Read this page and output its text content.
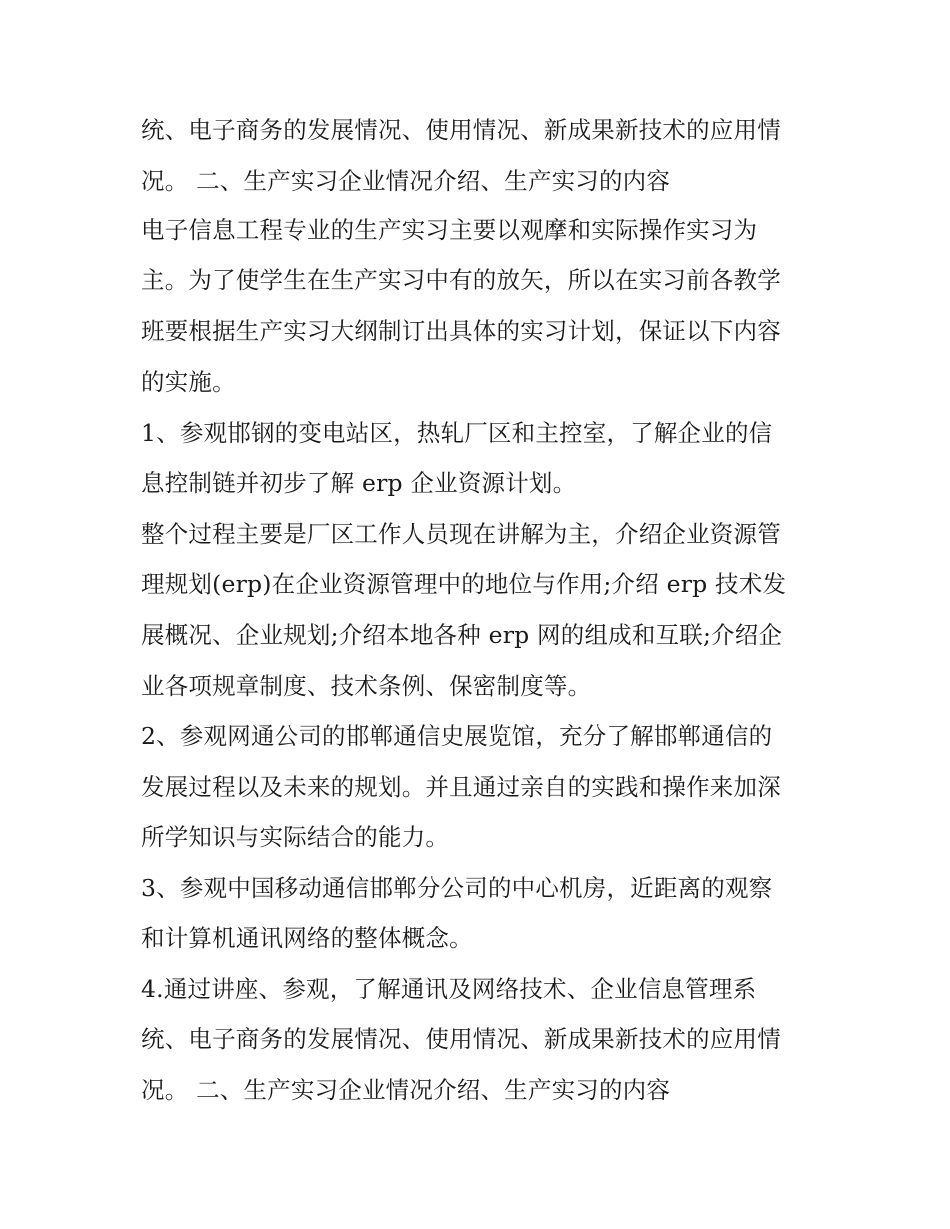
统、电子商务的发展情况、使用情况、新成果新技术的应用情
况。 二、生产实习企业情况介绍、生产实习的内容
电子信息工程专业的生产实习主要以观摩和实际操作实习为
主。为了使学生在生产实习中有的放矢，所以在实习前各教学
班要根据生产实习大纲制订出具体的实习计划，保证以下内容
的实施。
1、参观邯钢的变电站区，热轧厂区和主控室，了解企业的信
息控制链并初步了解 erp 企业资源计划。
整个过程主要是厂区工作人员现在讲解为主，介绍企业资源管
理规划(erp)在企业资源管理中的地位与作用;介绍 erp 技术发
展概况、企业规划;介绍本地各种 erp 网的组成和互联;介绍企
业各项规章制度、技术条例、保密制度等。
2、参观网通公司的邯郸通信史展览馆，充分了解邯郸通信的
发展过程以及未来的规划。并且通过亲自的实践和操作来加深
所学知识与实际结合的能力。
3、参观中国移动通信邯郸分公司的中心机房，近距离的观察
和计算机通讯网络的整体概念。
4.通过讲座、参观，了解通讯及网络技术、企业信息管理系
统、电子商务的发展情况、使用情况、新成果新技术的应用情
况。 二、生产实习企业情况介绍、生产实习的内容
